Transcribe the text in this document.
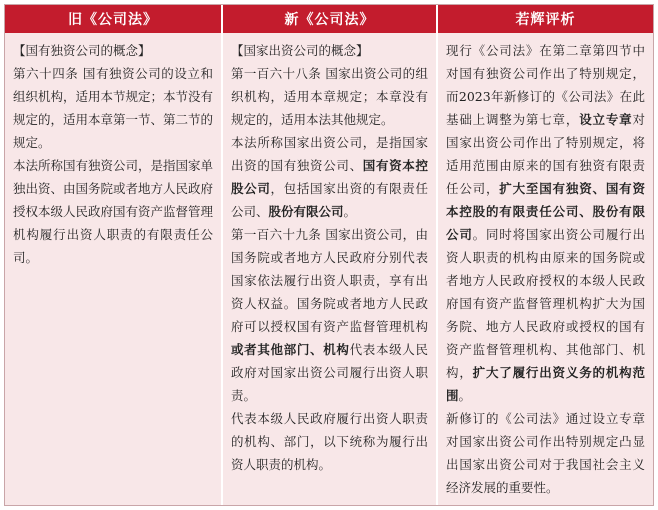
旧《公司法》	新《公司法》	若辉评析

【国有独资公司的概念】

第六十四条 国有独资公司的设立和组织机构，适用本节规定；本节没有规定的，适用本章第一节、第二节的规定。

本法所称国有独资公司，是指国家单独出资、由国务院或者地方人民政府授权本级人民政府国有资产监督管理机构履行出资人职责的有限责任公司。

【国家出资公司的概念】

第一百六十八条 国家出资公司的组织机构，适用本章规定；本章没有规定的，适用本法其他规定。

本法所称国家出资公司，是指国家出资的国有独资公司、国有资本控股公司，包括国家出资的有限责任公司、股份有限公司。

第一百六十九条 国家出资公司，由国务院或者地方人民政府分别代表国家依法履行出资人职责，享有出资人权益。国务院或者地方人民政府可以授权国有资产监督管理机构或者其他部门、机构代表本级人民政府对国家出资公司履行出资人职责。

代表本级人民政府履行出资人职责的机构、部门，以下统称为履行出资人职责的机构。

现行《公司法》在第二章第四节中对国有独资公司作出了特别规定，而2023年新修订的《公司法》在此基础上调整为第七章，设立专章对国家出资公司作出了特别规定，将适用范围由原来的国有独资有限责任公司，扩大至国有独资、国有资本控股的有限责任公司、股份有限公司。同时将国家出资公司履行出资人职责的机构由原来的国务院或者地方人民政府授权的本级人民政府国有资产监督管理机构扩大为国务院、地方人民政府或授权的国有资产监督管理机构、其他部门、机构，扩大了履行出资义务的机构范围。

新修订的《公司法》通过设立专章对国家出资公司作出特别规定凸显出国家出资公司对于我国社会主义经济发展的重要性。
